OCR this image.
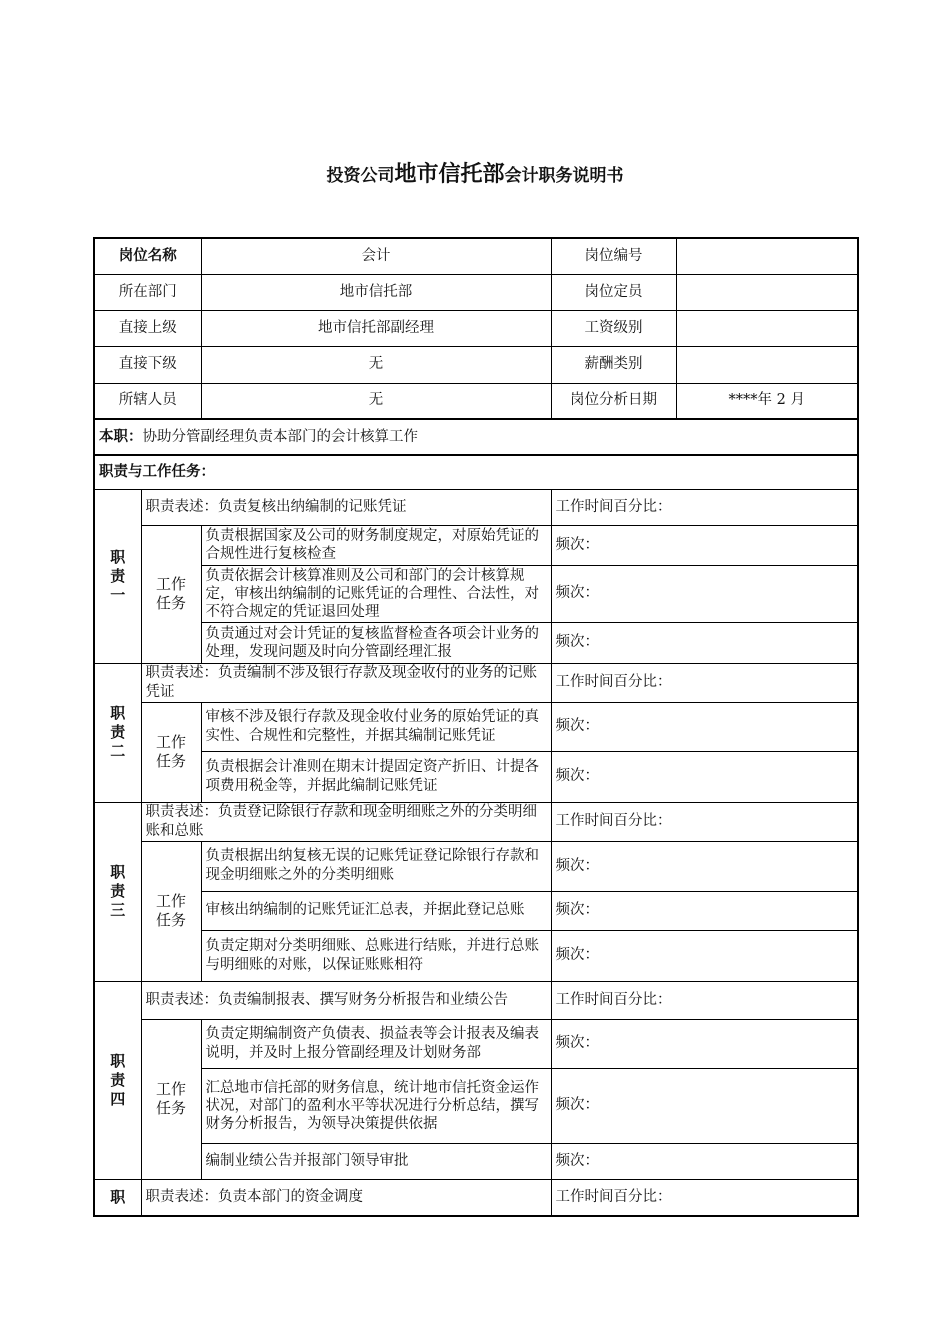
投资公司地市信托部会计职务说明书
岗位名称		会计	岗位编号	
所在部门		地市信托部	岗位定员	
直接上级		地市信托部副经理	工资级别	
直接下级		无	薪酬类别	
所辖人员		无	岗位分析日期	****年 2 月
本职：协助分管副经理负责本部门的会计核算工作				
职责与工作任务：				
职
责
一	职责表述：负责复核出纳编制的记账凭证		工作时间百分比：	
	工作
任务	负责根据国家及公司的财务制度规定，对原始凭证的合规性进行复核检查	频次：	
		负责依据会计核算准则及公司和部门的会计核算规定，审核出纳编制的记账凭证的合理性、合法性，对不符合规定的凭证退回处理	频次：	
		负责通过对会计凭证的复核监督检查各项会计业务的处理，发现问题及时向分管副经理汇报	频次：	
职
责
二	职责表述：负责编制不涉及银行存款及现金收付的业务的记账凭证		工作时间百分比：	
	工作
任务	审核不涉及银行存款及现金收付业务的原始凭证的真实性、合规性和完整性，并据其编制记账凭证	频次：	
		负责根据会计准则在期末计提固定资产折旧、计提各项费用税金等，并据此编制记账凭证	频次：	
职
责
三	职责表述：负责登记除银行存款和现金明细账之外的分类明细账和总账		工作时间百分比：	
	工作
任务	负责根据出纳复核无误的记账凭证登记除银行存款和现金明细账之外的分类明细账	频次：	
		审核出纳编制的记账凭证汇总表，并据此登记总账	频次：	
		负责定期对分类明细账、总账进行结账，并进行总账与明细账的对账，以保证账账相符	频次：	
职
责
四	职责表述：负责编制报表、撰写财务分析报告和业绩公告		工作时间百分比：	
	工作
任务	负责定期编制资产负债表、损益表等会计报表及编表说明，并及时上报分管副经理及计划财务部	频次：	
		汇总地市信托部的财务信息，统计地市信托资金运作状况，对部门的盈利水平等状况进行分析总结，撰写财务分析报告，为领导决策提供依据	频次：	
		编制业绩公告并报部门领导审批	频次：	
职	职责表述：负责本部门的资金调度		工作时间百分比：	
